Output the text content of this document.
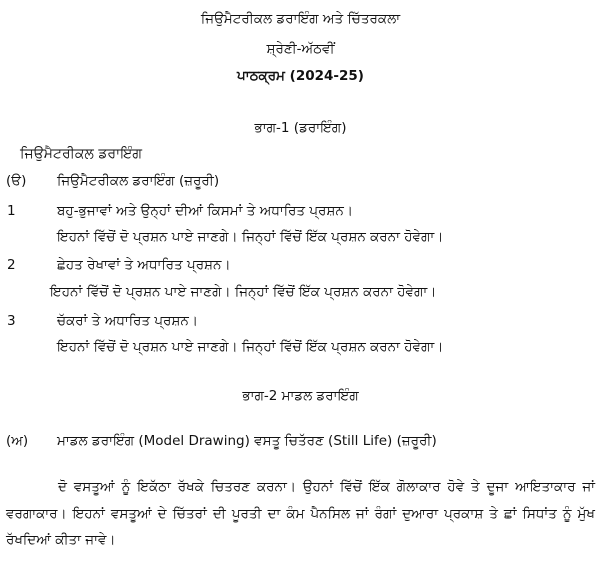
ਜਿਉਮੈਟਰੀਕਲ ਡਰਾਇੰਗ ਅਤੇ ਚਿੱਤਰਕਲਾ
ਸ਼੍ਰੇਣੀ-ਅੱਠਵੀਂ
ਪਾਠਕ੍ਰਮ (2024-25)
ਭਾਗ-1 (ਡਰਾਇੰਗ)
ਜਿਉਮੈਟਰੀਕਲ ਡਰਾਇੰਗ
(ੳ) ਜਿਉਮੈਟਰੀਕਲ ਡਰਾਇੰਗ (ਜ਼ਰੂਰੀ)
1	ਬਹੁ-ਭੁਜਾਵਾਂ ਅਤੇ ਉਨ੍ਹਾਂ ਦੀਆਂ ਕਿਸਮਾਂ ਤੇ ਅਧਾਰਿਤ ਪ੍ਰਸ਼ਨ।
ਇਹਨਾਂ ਵਿੱਚੋਂ ਦੋ ਪ੍ਰਸ਼ਨ ਪਾਏ ਜਾਣਗੇ। ਜਿਨ੍ਹਾਂ ਵਿੱਚੋਂ ਇੱਕ ਪ੍ਰਸ਼ਨ ਕਰਨਾ ਹੋਵੇਗਾ।
2	ਛੇਹਤ ਰੇਖਾਵਾਂ ਤੇ ਅਧਾਰਿਤ ਪ੍ਰਸ਼ਨ।
ਇਹਨਾਂ ਵਿੱਚੋਂ ਦੋ ਪ੍ਰਸ਼ਨ ਪਾਏ ਜਾਣਗੇ। ਜਿਨ੍ਹਾਂ ਵਿੱਚੋਂ ਇੱਕ ਪ੍ਰਸ਼ਨ ਕਰਨਾ ਹੋਵੇਗਾ।
3	ਚੱਕਰਾਂ ਤੇ ਅਧਾਰਿਤ ਪ੍ਰਸ਼ਨ।
ਇਹਨਾਂ ਵਿੱਚੋਂ ਦੋ ਪ੍ਰਸ਼ਨ ਪਾਏ ਜਾਣਗੇ। ਜਿਨ੍ਹਾਂ ਵਿੱਚੋਂ ਇੱਕ ਪ੍ਰਸ਼ਨ ਕਰਨਾ ਹੋਵੇਗਾ।
ਭਾਗ-2 ਮਾਡਲ ਡਰਾਇੰਗ
(ਅ) ਮਾਡਲ ਡਰਾਇੰਗ (Model Drawing) ਵਸਤੂ ਚਿਤੱਰਣ (Still Life) (ਜ਼ਰੂਰੀ)
ਦੋ ਵਸਤੂਆਂ ਨੂੰ ਇਕੱਠਾ ਰੱਖਕੇ ਚਿਤਰਣ ਕਰਨਾ। ਉਹਨਾਂ ਵਿੱਚੋਂ ਇੱਕ ਗੋਲਾਕਾਰ ਹੋਵੇ ਤੇ ਦੂਜਾ ਆਇਤਾਕਾਰ ਜਾਂ ਵਰਗਾਕਾਰ। ਇਹਨਾਂ ਵਸਤੂਆਂ ਦੇ ਚਿੱਤਰਾਂ ਦੀ ਪੂਰਤੀ ਦਾ ਕੰਮ ਪੈਨਸਿਲ ਜਾਂ ਰੰਗਾਂ ਦੁਆਰਾ ਪ੍ਰਕਾਸ਼ ਤੇ ਛਾਂ ਸਿਧਾਂਤ ਨੂੰ ਮੁੱਖ ਰੱਖਦਿਆਂ ਕੀਤਾ ਜਾਵੇ।
